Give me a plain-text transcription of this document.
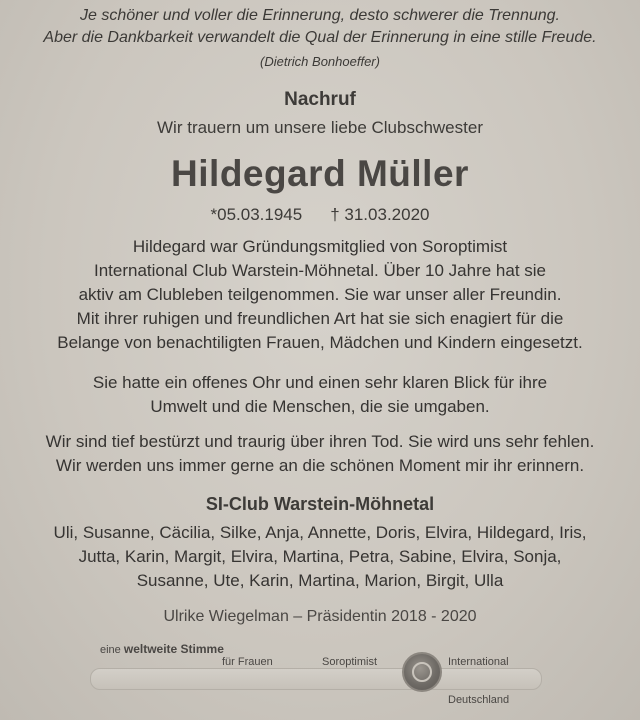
Je schöner und voller die Erinnerung, desto schwerer die Trennung.
Aber die Dankbarkeit verwandelt die Qual der Erinnerung in eine stille Freude.
(Dietrich Bonhoeffer)
Nachruf
Wir trauern um unsere liebe Clubschwester
Hildegard Müller
*05.03.1945 † 31.03.2020
Hildegard war Gründungsmitglied von Soroptimist
International Club Warstein-Möhnetal. Über 10 Jahre hat sie
aktiv am Clubleben teilgenommen. Sie war unser aller Freundin.
Mit ihrer ruhigen und freundlichen Art hat sie sich enagiert für die
Belange von benachtiligten Frauen, Mädchen und Kindern eingesetzt.
Sie hatte ein offenes Ohr und einen sehr klaren Blick für ihre
Umwelt und die Menschen, die sie umgaben.
Wir sind tief bestürzt und traurig über ihren Tod. Sie wird uns sehr fehlen.
Wir werden uns immer gerne an die schönen Moment mir ihr erinnern.
SI-Club Warstein-Möhnetal
Uli, Susanne, Cäcilia, Silke, Anja, Annette, Doris, Elvira, Hildegard, Iris,
Jutta, Karin, Margit, Elvira, Martina, Petra, Sabine, Elvira, Sonja,
Susanne, Ute, Karin, Martina, Marion, Birgit, Ulla
Ulrike Wiegelman – Präsidentin 2018 - 2020
eine weltweite Stimme
für Frauen	Soroptimist	International
Deutschland
